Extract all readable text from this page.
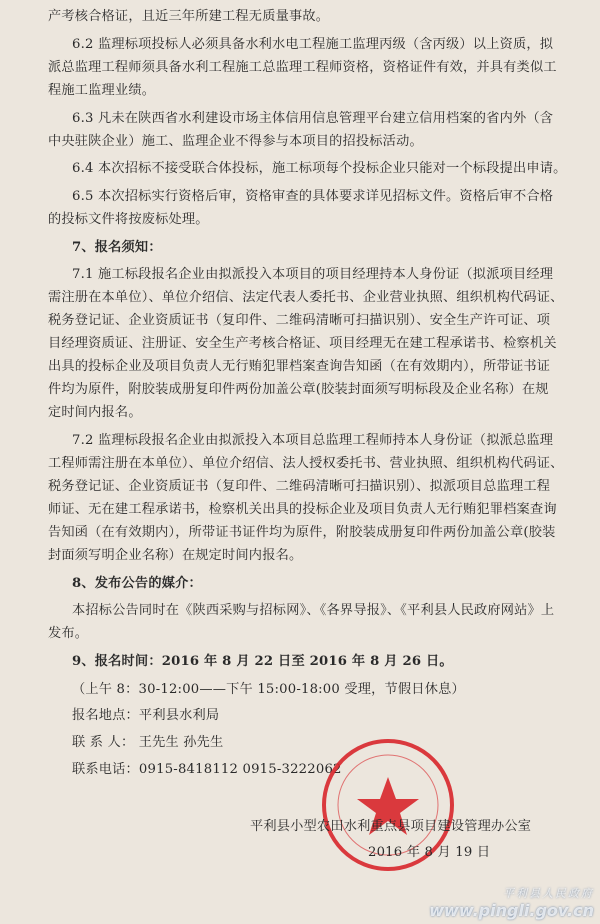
产考核合格证，且近三年所建工程无质量事故。
6.2 监理标项投标人必须具备水利水电工程施工监理丙级（含丙级）以上资质，拟
派总监理工程师须具备水利工程施工总监理工程师资格，资格证件有效，并具有类似工
程施工监理业绩。
6.3 凡未在陕西省水利建设市场主体信用信息管理平台建立信用档案的省内外（含
中央驻陕企业）施工、监理企业不得参与本项目的招投标活动。
6.4 本次招标不接受联合体投标，施工标项每个投标企业只能对一个标段提出申请。
6.5 本次招标实行资格后审，资格审查的具体要求详见招标文件。资格后审不合格
的投标文件将按废标处理。
7、报名须知：
7.1 施工标段报名企业由拟派投入本项目的项目经理持本人身份证（拟派项目经理
需注册在本单位）、单位介绍信、法定代表人委托书、企业营业执照、组织机构代码证、
税务登记证、企业资质证书（复印件、二维码清晰可扫描识别）、安全生产许可证、项
目经理资质证、注册证、安全生产考核合格证、项目经理无在建工程承诺书、检察机关
出具的投标企业及项目负责人无行贿犯罪档案查询告知函（在有效期内），所带证书证
件均为原件，附胶装成册复印件两份加盖公章(胶装封面须写明标段及企业名称）在规
定时间内报名。
7.2 监理标段报名企业由拟派投入本项目总监理工程师持本人身份证（拟派总监理
工程师需注册在本单位）、单位介绍信、法人授权委托书、营业执照、组织机构代码证、
税务登记证、企业资质证书（复印件、二维码清晰可扫描识别）、拟派项目总监理工程
师证、无在建工程承诺书，检察机关出具的投标企业及项目负责人无行贿犯罪档案查询
告知函（在有效期内），所带证书证件均为原件，附胶装成册复印件两份加盖公章(胶装
封面须写明企业名称）在规定时间内报名。
8、发布公告的媒介：
本招标公告同时在《陕西采购与招标网》、《各界导报》、《平利县人民政府网站》上
发布。
9、报名时间：2016 年 8 月 22 日至 2016 年 8 月 26 日。
（上午 8：30-12:00——下午 15:00-18:00 受理，节假日休息）
报名地点：平利县水利局
联 系 人： 王先生 孙先生
联系电话：0915-8418112 0915-3222062
平利县小型农田水利重点县项目建设管理办公室
2016 年 8 月 19 日
平利县人民政府
www.pingli.gov.cn
